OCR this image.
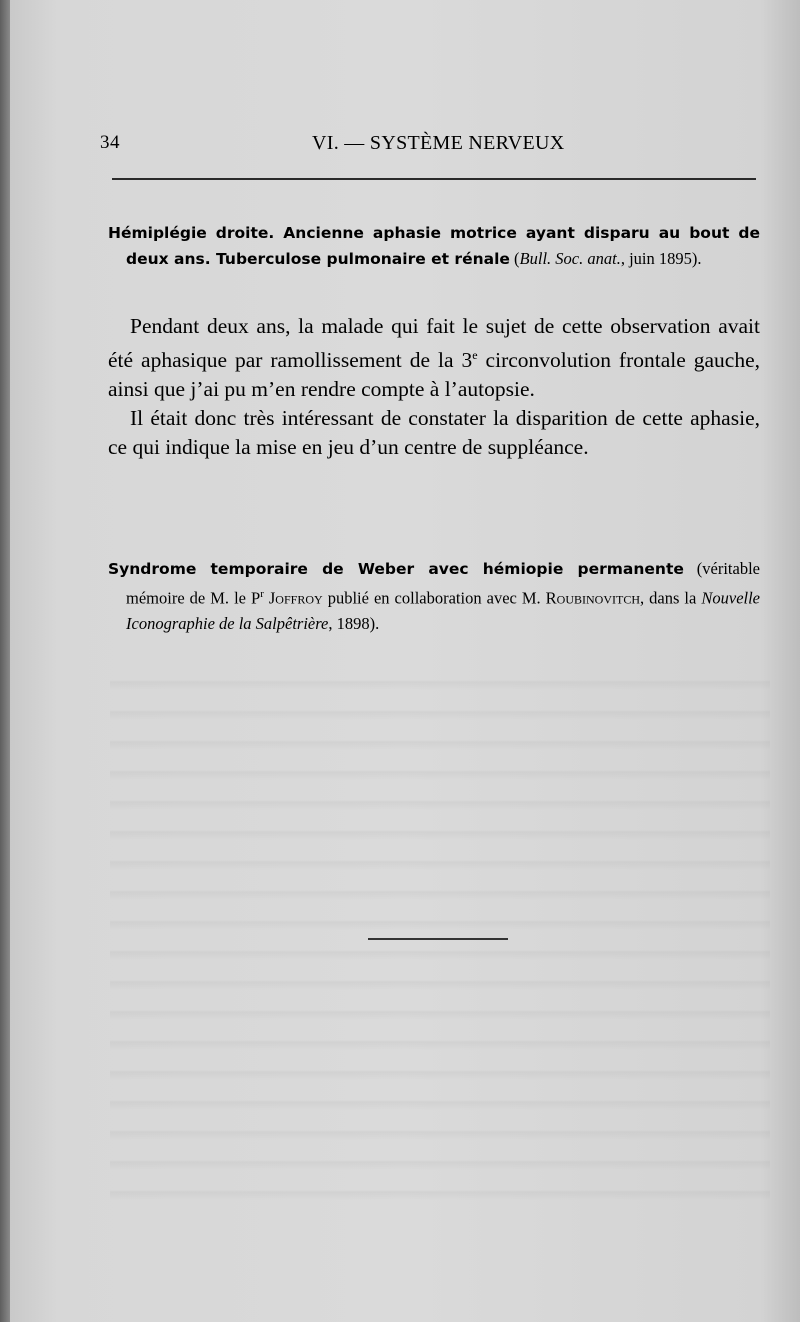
34	VI. — SYSTÈME NERVEUX

Hémiplégie droite. Ancienne aphasie motrice ayant disparu au bout de deux ans. Tuberculose pulmonaire et rénale (Bull. Soc. anat., juin 1895).

Pendant deux ans, la malade qui fait le sujet de cette observation avait été aphasique par ramollissement de la 3e circonvolution frontale gauche, ainsi que j’ai pu m’en rendre compte à l’autopsie.

Il était donc très intéressant de constater la disparition de cette aphasie, ce qui indique la mise en jeu d’un centre de suppléance.

Syndrome temporaire de Weber avec hémiopie permanente (véritable mémoire de M. le $P^r$ Joffroy publié en collaboration avec M. Roubinovitch, dans la Nouvelle Iconographie de la Salpêtrière, 1898).
